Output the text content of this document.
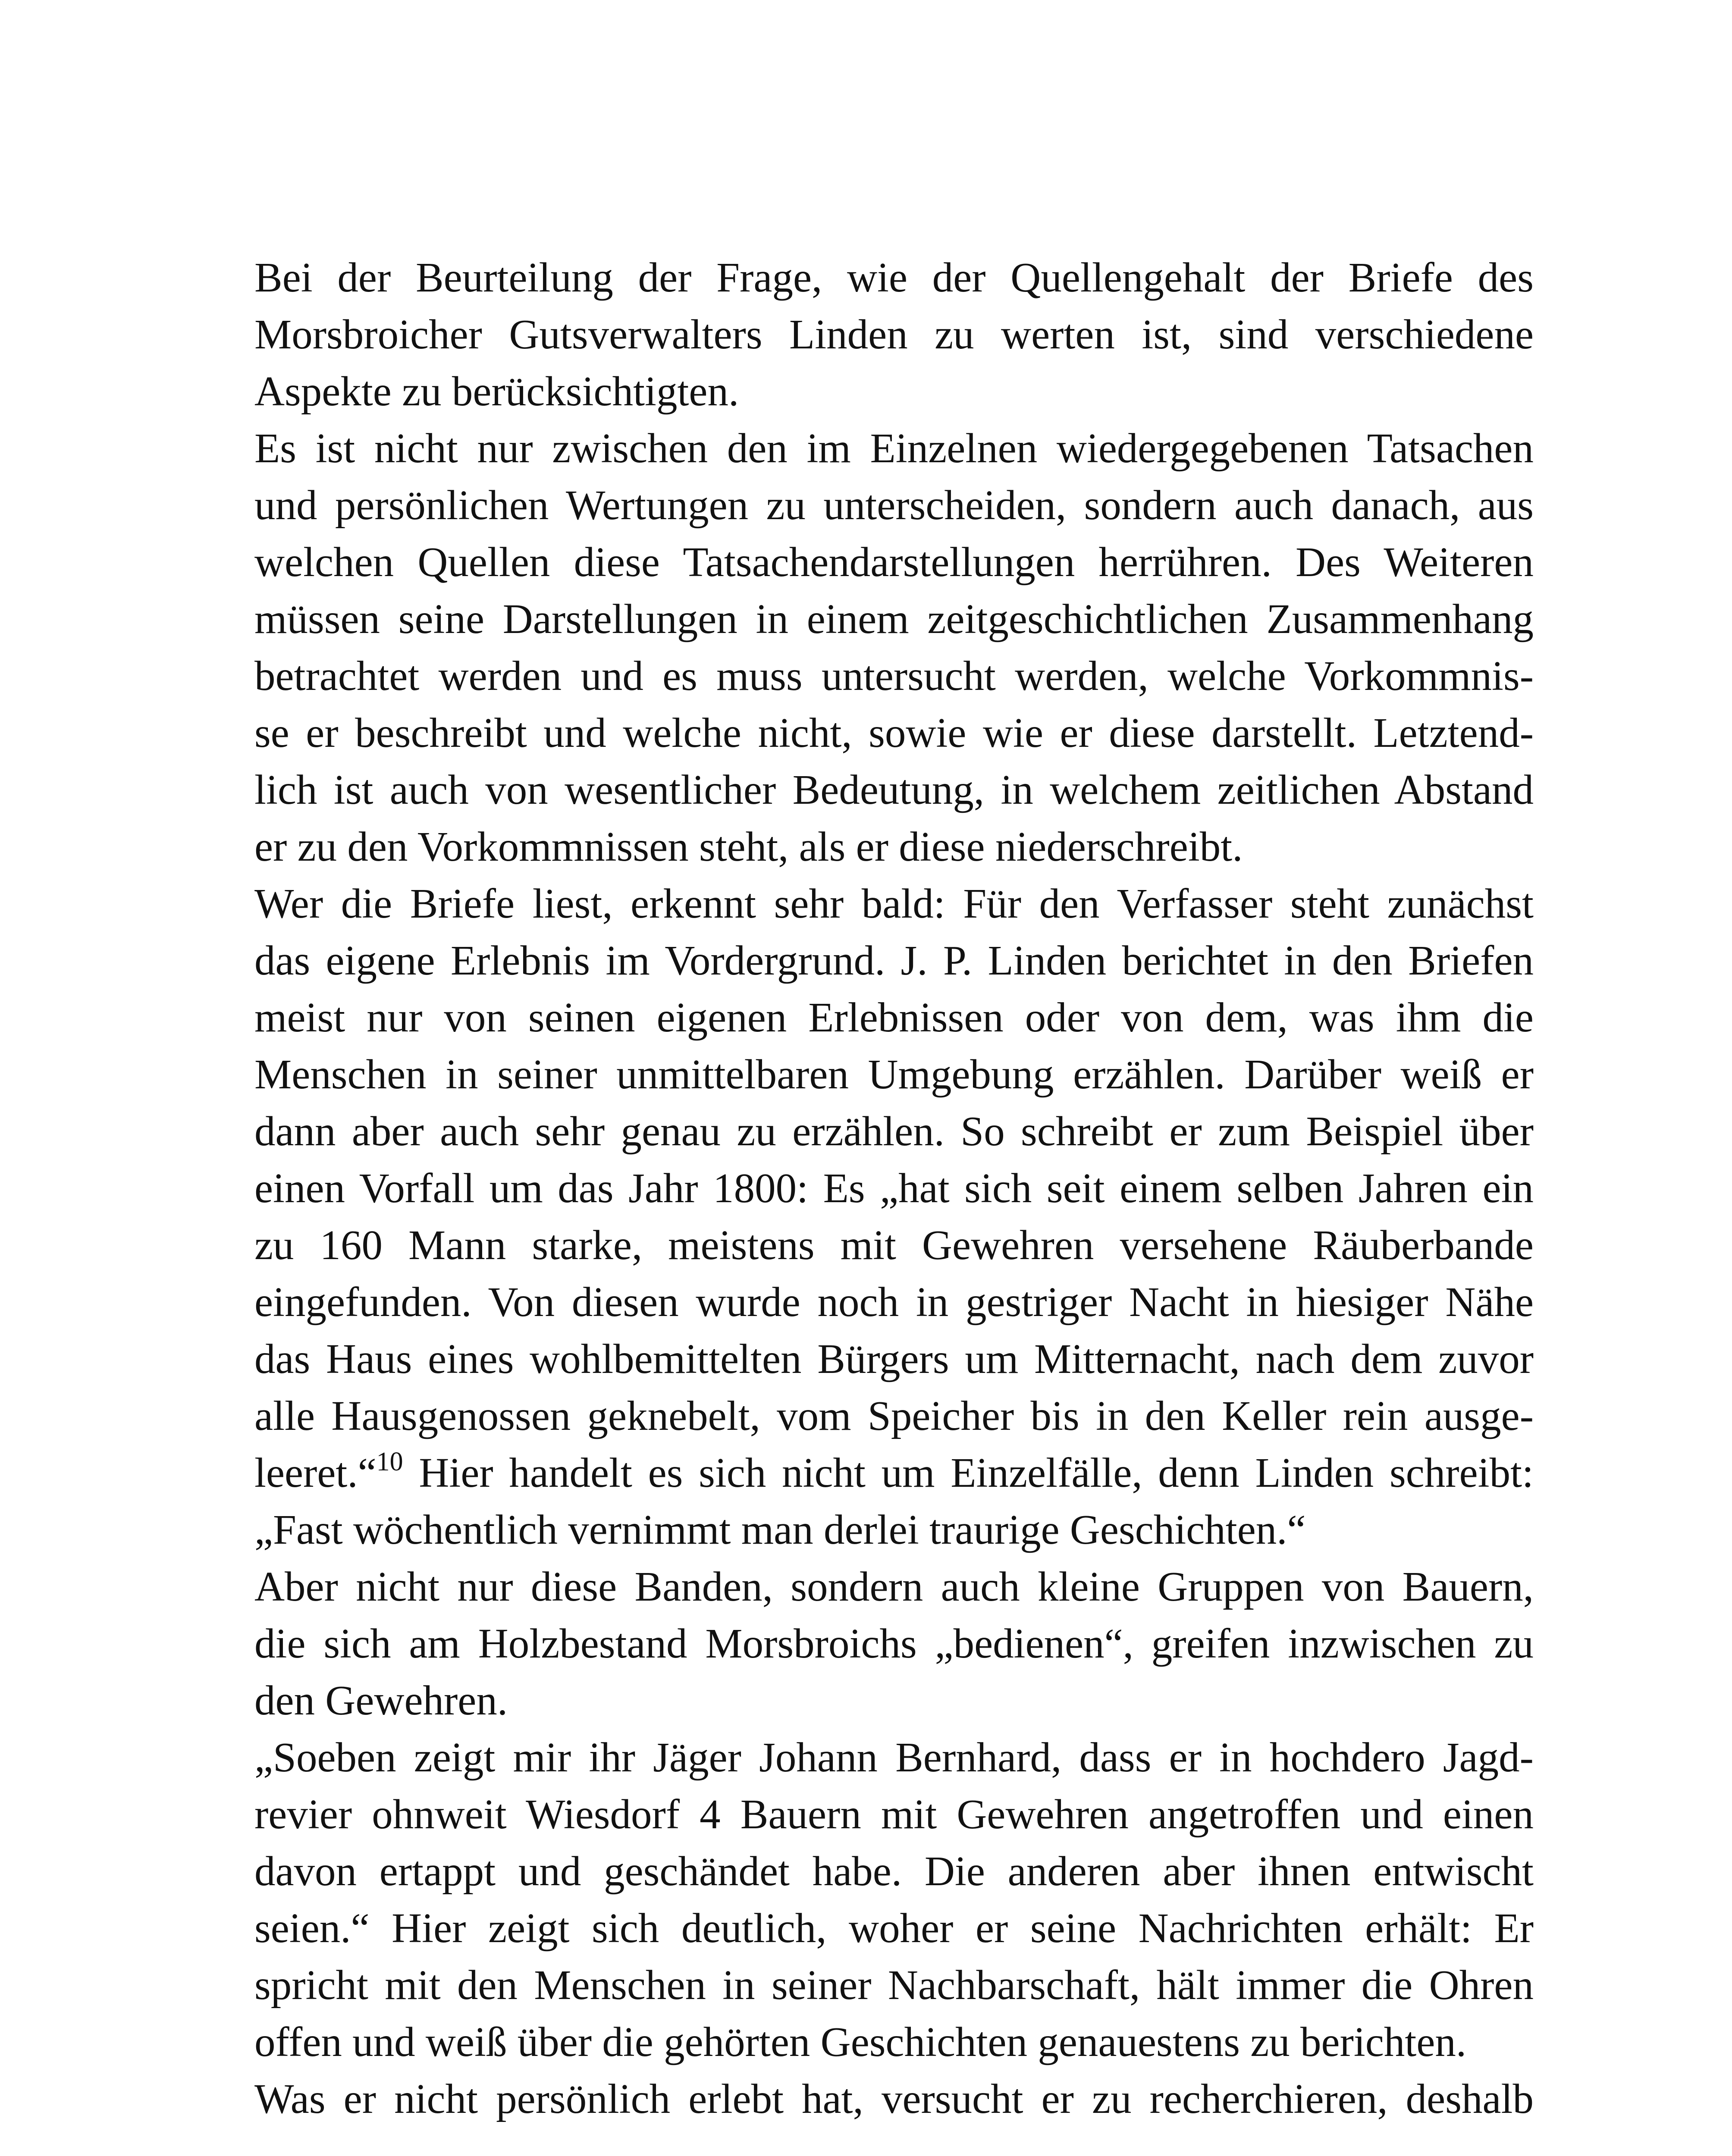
Bei der Beurteilung der Frage, wie der Quellengehalt der Briefe des
Morsbroicher Gutsverwalters Linden zu werten ist, sind verschiedene
Aspekte zu berücksichtigten.
Es ist nicht nur zwischen den im Einzelnen wiedergegebenen Tatsachen
und persönlichen Wertungen zu unterscheiden, sondern auch danach, aus
welchen Quellen diese Tatsachendarstellungen herrühren. Des Weiteren
müssen seine Darstellungen in einem zeitgeschichtlichen Zusammenhang
betrachtet werden und es muss untersucht werden, welche Vorkommnis-
se er beschreibt und welche nicht, sowie wie er diese darstellt. Letztend-
lich ist auch von wesentlicher Bedeutung, in welchem zeitlichen Abstand
er zu den Vorkommnissen steht, als er diese niederschreibt.
Wer die Briefe liest, erkennt sehr bald: Für den Verfasser steht zunächst
das eigene Erlebnis im Vordergrund. J. P. Linden berichtet in den Briefen
meist nur von seinen eigenen Erlebnissen oder von dem, was ihm die
Menschen in seiner unmittelbaren Umgebung erzählen. Darüber weiß er
dann aber auch sehr genau zu erzählen. So schreibt er zum Beispiel über
einen Vorfall um das Jahr 1800: Es „hat sich seit einem selben Jahren ein
zu 160 Mann starke, meistens mit Gewehren versehene Räuberbande
eingefunden. Von diesen wurde noch in gestriger Nacht in hiesiger Nähe
das Haus eines wohlbemittelten Bürgers um Mitternacht, nach dem zuvor
alle Hausgenossen geknebelt, vom Speicher bis in den Keller rein ausge-
leeret.“$^{10}$ Hier handelt es sich nicht um Einzelfälle, denn Linden schreibt:
„Fast wöchentlich vernimmt man derlei traurige Geschichten.“
Aber nicht nur diese Banden, sondern auch kleine Gruppen von Bauern,
die sich am Holzbestand Morsbroichs „bedienen“, greifen inzwischen zu
den Gewehren.
„Soeben zeigt mir ihr Jäger Johann Bernhard, dass er in hochdero Jagd-
revier ohnweit Wiesdorf 4 Bauern mit Gewehren angetroffen und einen
davon ertappt und geschändet habe. Die anderen aber ihnen entwischt
seien.“ Hier zeigt sich deutlich, woher er seine Nachrichten erhält: Er
spricht mit den Menschen in seiner Nachbarschaft, hält immer die Ohren
offen und weiß über die gehörten Geschichten genauestens zu berichten.
Was er nicht persönlich erlebt hat, versucht er zu recherchieren, deshalb
